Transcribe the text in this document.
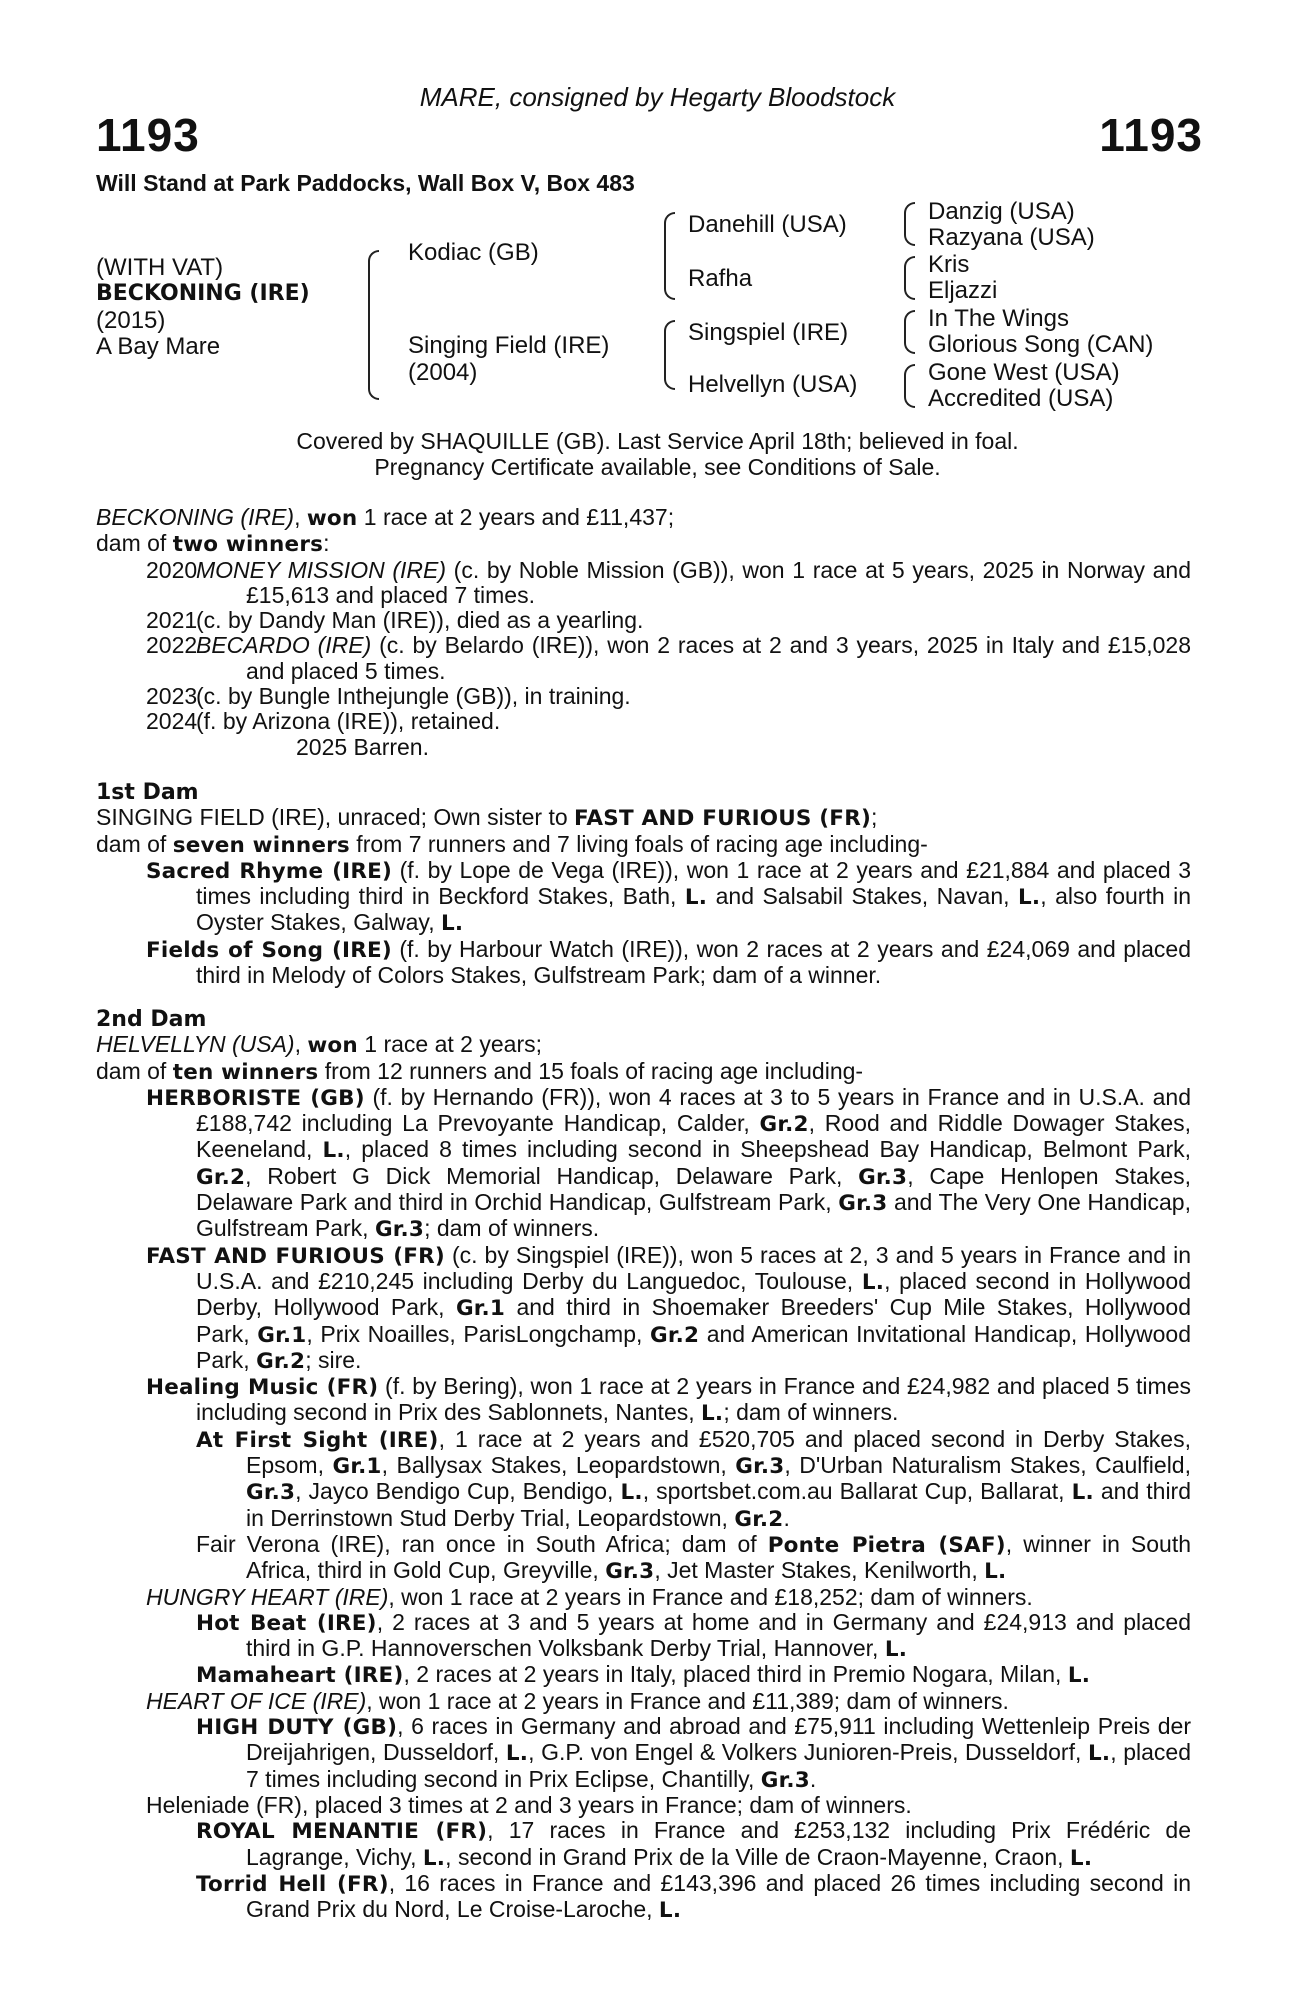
MARE, consigned by Hegarty Bloodstock
1193	1193
Will Stand at Park Paddocks, Wall Box V, Box 483
(WITH VAT)
BECKONING (IRE)
(2015)
A Bay Mare
Kodiac (GB)
Singing Field (IRE)
(2004)
Danehill (USA)
Rafha
Singspiel (IRE)
Helvellyn (USA)
Danzig (USA)
Razyana (USA)
Kris
Eljazzi
In The Wings
Glorious Song (CAN)
Gone West (USA)
Accredited (USA)
Covered by SHAQUILLE (GB). Last Service April 18th; believed in foal.
Pregnancy Certificate available, see Conditions of Sale.

BECKONING (IRE), won 1 race at 2 years and £11,437;

dam of two winners:

2020
MONEY MISSION (IRE) (c. by Noble Mission (GB)), won 1 race at 5 years, 2025 in Norway and £15,613 and placed 7 times.
2021
(c. by Dandy Man (IRE)), died as a yearling.
2022
BECARDO (IRE) (c. by Belardo (IRE)), won 2 races at 2 and 3 years, 2025 in Italy and £15,028 and placed 5 times.
2023
(c. by Bungle Inthejungle (GB)), in training.
2024
(f. by Arizona (IRE)), retained.
2025 Barren.
1st Dam

SINGING FIELD (IRE), unraced; Own sister to FAST AND FURIOUS (FR);

dam of seven winners from 7 runners and 7 living foals of racing age including-

Sacred Rhyme (IRE) (f. by Lope de Vega (IRE)), won 1 race at 2 years and £21,884 and placed 3 times including third in Beckford Stakes, Bath, L. and Salsabil Stakes, Navan, L., also fourth in Oyster Stakes, Galway, L.

Fields of Song (IRE) (f. by Harbour Watch (IRE)), won 2 races at 2 years and £24,069 and placed third in Melody of Colors Stakes, Gulfstream Park; dam of a winner.

2nd Dam

HELVELLYN (USA), won 1 race at 2 years;

dam of ten winners from 12 runners and 15 foals of racing age including-

HERBORISTE (GB) (f. by Hernando (FR)), won 4 races at 3 to 5 years in France and in U.S.A. and £188,742 including La Prevoyante Handicap, Calder, Gr.2, Rood and Riddle Dowager Stakes, Keeneland, L., placed 8 times including second in Sheepshead Bay Handicap, Belmont Park, Gr.2, Robert G Dick Memorial Handicap, Delaware Park, Gr.3, Cape Henlopen Stakes, Delaware Park and third in Orchid Handicap, Gulfstream Park, Gr.3 and The Very One Handicap, Gulfstream Park, Gr.3; dam of winners.

FAST AND FURIOUS (FR) (c. by Singspiel (IRE)), won 5 races at 2, 3 and 5 years in France and in U.S.A. and £210,245 including Derby du Languedoc, Toulouse, L., placed second in Hollywood Derby, Hollywood Park, Gr.1 and third in Shoemaker Breeders' Cup Mile Stakes, Hollywood Park, Gr.1, Prix Noailles, ParisLongchamp, Gr.2 and American Invitational Handicap, Hollywood Park, Gr.2; sire.

Healing Music (FR) (f. by Bering), won 1 race at 2 years in France and £24,982 and placed 5 times including second in Prix des Sablonnets, Nantes, L.; dam of winners.

At First Sight (IRE), 1 race at 2 years and £520,705 and placed second in Derby Stakes, Epsom, Gr.1, Ballysax Stakes, Leopardstown, Gr.3, D'Urban Naturalism Stakes, Caulfield, Gr.3, Jayco Bendigo Cup, Bendigo, L., sportsbet.com.au Ballarat Cup, Ballarat, L. and third in Derrinstown Stud Derby Trial, Leopardstown, Gr.2.

Fair Verona (IRE), ran once in South Africa; dam of Ponte Pietra (SAF), winner in South Africa, third in Gold Cup, Greyville, Gr.3, Jet Master Stakes, Kenilworth, L.

HUNGRY HEART (IRE), won 1 race at 2 years in France and £18,252; dam of winners.

Hot Beat (IRE), 2 races at 3 and 5 years at home and in Germany and £24,913 and placed third in G.P. Hannoverschen Volksbank Derby Trial, Hannover, L.

Mamaheart (IRE), 2 races at 2 years in Italy, placed third in Premio Nogara, Milan, L.

HEART OF ICE (IRE), won 1 race at 2 years in France and £11,389; dam of winners.

HIGH DUTY (GB), 6 races in Germany and abroad and £75,911 including Wettenleip Preis der Dreijahrigen, Dusseldorf, L., G.P. von Engel & Volkers Junioren-Preis, Dusseldorf, L., placed 7 times including second in Prix Eclipse, Chantilly, Gr.3.

Heleniade (FR), placed 3 times at 2 and 3 years in France; dam of winners.

ROYAL MENANTIE (FR), 17 races in France and £253,132 including Prix Frédéric de Lagrange, Vichy, L., second in Grand Prix de la Ville de Craon-Mayenne, Craon, L.

Torrid Hell (FR), 16 races in France and £143,396 and placed 26 times including second in Grand Prix du Nord, Le Croise-Laroche, L.
